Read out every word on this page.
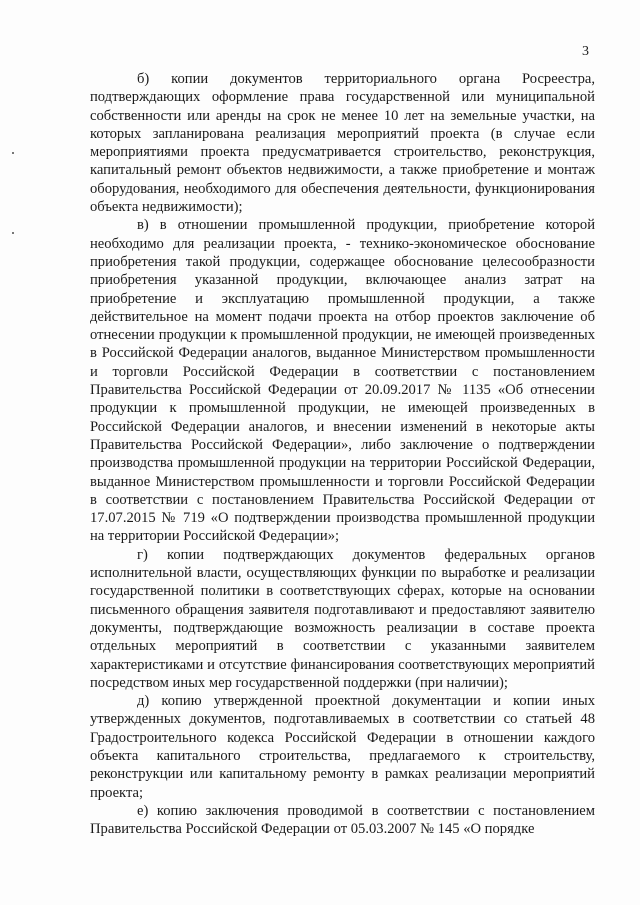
3

б) копии документов территориального органа Росреестра, подтверждающих оформление права государственной или муниципальной собственности или аренды на срок не менее 10 лет на земельные участки, на которых запланирована реализация мероприятий проекта (в случае если мероприятиями проекта предусматривается строительство, реконструкция, капитальный ремонт объектов недвижимости, а также приобретение и монтаж оборудования, необходимого для обеспечения деятельности, функционирования объекта недвижимости);

в) в отношении промышленной продукции, приобретение которой необходимо для реализации проекта, - технико-экономическое обоснование приобретения такой продукции, содержащее обоснование целесообразности приобретения указанной продукции, включающее анализ затрат на приобретение и эксплуатацию промышленной продукции, а также действительное на момент подачи проекта на отбор проектов заключение об отнесении продукции к промышленной продукции, не имеющей произведенных в Российской Федерации аналогов, выданное Министерством промышленности и торговли Российской Федерации в соответствии с постановлением Правительства Российской Федерации от 20.09.2017 № 1135 «Об отнесении продукции к промышленной продукции, не имеющей произведенных в Российской Федерации аналогов, и внесении изменений в некоторые акты Правительства Российской Федерации», либо заключение о подтверждении производства промышленной продукции на территории Российской Федерации, выданное Министерством промышленности и торговли Российской Федерации в соответствии с постановлением Правительства Российской Федерации от 17.07.2015 № 719 «О подтверждении производства промышленной продукции на территории Российской Федерации»;

г) копии подтверждающих документов федеральных органов исполнительной власти, осуществляющих функции по выработке и реализации государственной политики в соответствующих сферах, которые на основании письменного обращения заявителя подготавливают и предоставляют заявителю документы, подтверждающие возможность реализации в составе проекта отдельных мероприятий в соответствии с указанными заявителем характеристиками и отсутствие финансирования соответствующих мероприятий посредством иных мер государственной поддержки (при наличии);

д) копию утвержденной проектной документации и копии иных утвержденных документов, подготавливаемых в соответствии со статьей 48 Градостроительного кодекса Российской Федерации в отношении каждого объекта капитального строительства, предлагаемого к строительству, реконструкции или капитальному ремонту в рамках реализации мероприятий проекта;

е) копию заключения проводимой в соответствии с постановлением Правительства Российской Федерации от 05.03.2007 № 145 «О порядке
